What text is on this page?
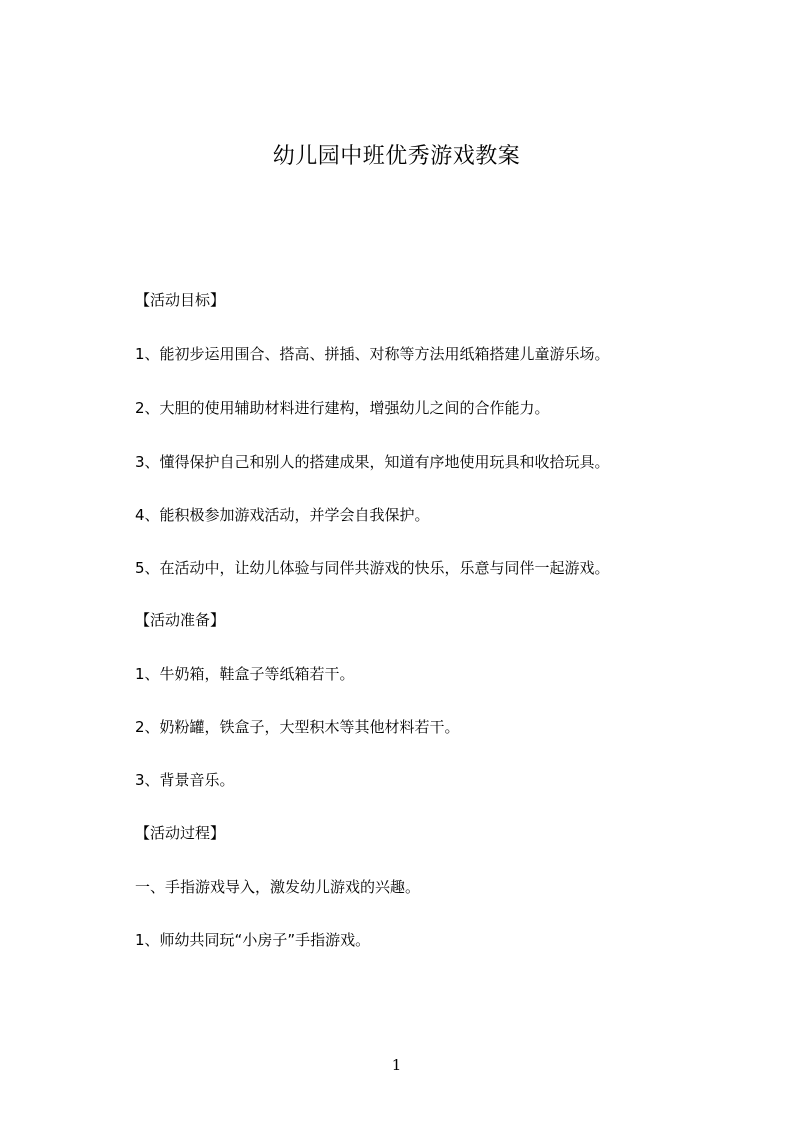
幼儿园中班优秀游戏教案

【活动目标】

1、能初步运用围合、搭高、拼插、对称等方法用纸箱搭建儿童游乐场。

2、大胆的使用辅助材料进行建构，增强幼儿之间的合作能力。

3、懂得保护自己和别人的搭建成果，知道有序地使用玩具和收拾玩具。

4、能积极参加游戏活动，并学会自我保护。

5、在活动中，让幼儿体验与同伴共游戏的快乐，乐意与同伴一起游戏。

【活动准备】

1、牛奶箱，鞋盒子等纸箱若干。

2、奶粉罐，铁盒子，大型积木等其他材料若干。

3、背景音乐。

【活动过程】

一、手指游戏导入，激发幼儿游戏的兴趣。

1、师幼共同玩“小房子”手指游戏。

1
